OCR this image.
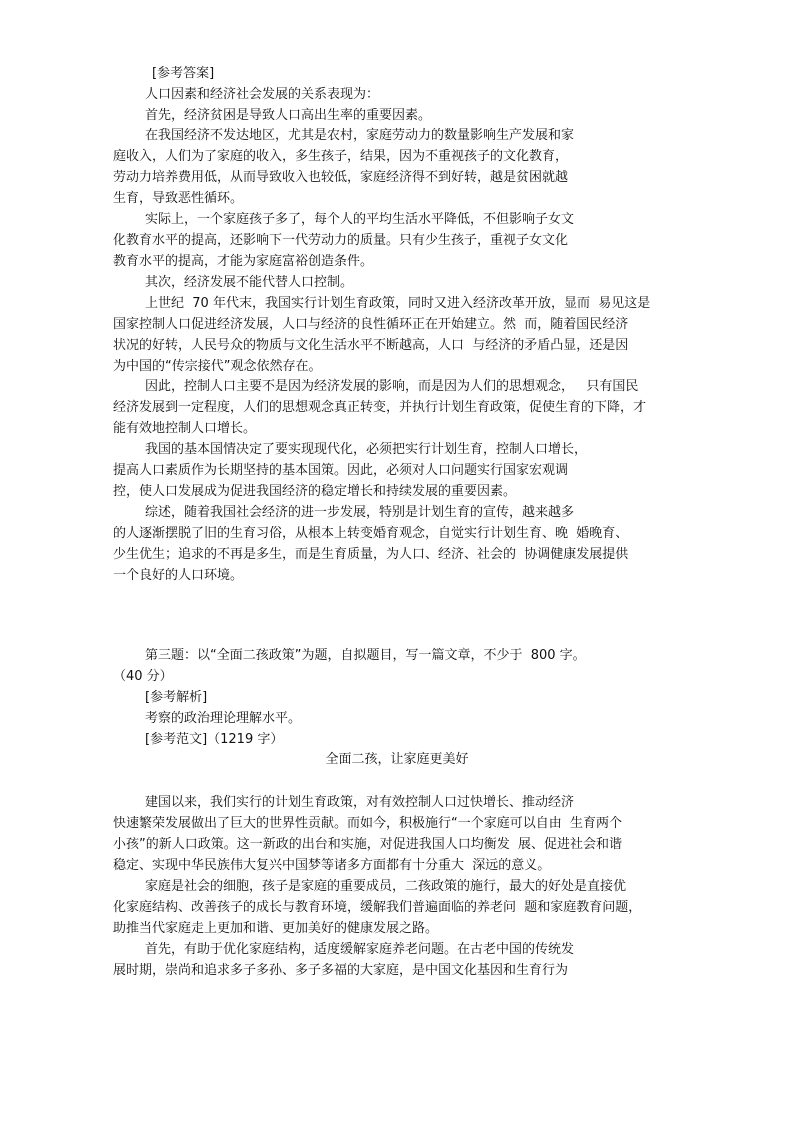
[参考答案]
人口因素和经济社会发展的关系表现为：
首先，经济贫困是导致人口高出生率的重要因素。
在我国经济不发达地区，尤其是农村，家庭劳动力的数量影响生产发展和家
庭收入，人们为了家庭的收入，多生孩子，结果，因为不重视孩子的文化教育，
劳动力培养费用低，从而导致收入也较低，家庭经济得不到好转，越是贫困就越
生育，导致恶性循环。
实际上，一个家庭孩子多了，每个人的平均生活水平降低，不但影响子女文
化教育水平的提高，还影响下一代劳动力的质量。只有少生孩子，重视子女文化
教育水平的提高，才能为家庭富裕创造条件。
其次，经济发展不能代替人口控制。
上世纪  70 年代末，我国实行计划生育政策，同时又进入经济改革开放，显而  易见这是
国家控制人口促进经济发展，人口与经济的良性循环正在开始建立。然  而，随着国民经济
状况的好转，人民号众的物质与文化生活水平不断越高，人口  与经济的矛盾凸显，还是因
为中国的“传宗接代”观念依然存在。
因此，控制人口主要不是因为经济发展的影响，而是因为人们的思想观念，   只有国民
经济发展到一定程度，人们的思想观念真正转变，并执行计划生育政策，促使生育的下降，才
能有效地控制人口增长。
我国的基本国情决定了要实现现代化，必须把实行计划生育，控制人口增长，
提高人口素质作为长期坚持的基本国策。因此，必须对人口问题实行国家宏观调
控，使人口发展成为促进我国经济的稳定增长和持续发展的重要因素。
综述，随着我国社会经济的进一步发展，特别是计划生育的宣传，越来越多
的人逐渐摆脱了旧的生育习俗，从根本上转变婚育观念，自觉实行计划生育、晚  婚晚育、
少生优生；追求的不再是多生，而是生育质量，为人口、经济、社会的  协调健康发展提供
一个良好的人口环境。
第三题：以“全面二孩政策”为题，自拟题目，写一篇文章，不少于  800 字。
（40 分）
[参考解析]
考察的政治理论理解水平。
[参考范文]（1219 字）
全面二孩，让家庭更美好
建国以来，我们实行的计划生育政策，对有效控制人口过快增长、推动经济
快速繁荣发展做出了巨大的世界性贡献。而如今，积极施行“一个家庭可以自由  生育两个
小孩”的新人口政策。这一新政的出台和实施，对促进我国人口均衡发  展、促进社会和谐
稳定、实现中华民族伟大复兴中国梦等诸多方面都有十分重大  深远的意义。
家庭是社会的细胞，孩子是家庭的重要成员，二孩政策的施行，最大的好处是直接优
化家庭结构、改善孩子的成长与教育环境，缓解我们普遍面临的养老问  题和家庭教育问题，
助推当代家庭走上更加和谐、更加美好的健康发展之路。
首先，有助于优化家庭结构，适度缓解家庭养老问题。在古老中国的传统发
展时期，崇尚和追求多子多孙、多子多福的大家庭，是中国文化基因和生育行为
